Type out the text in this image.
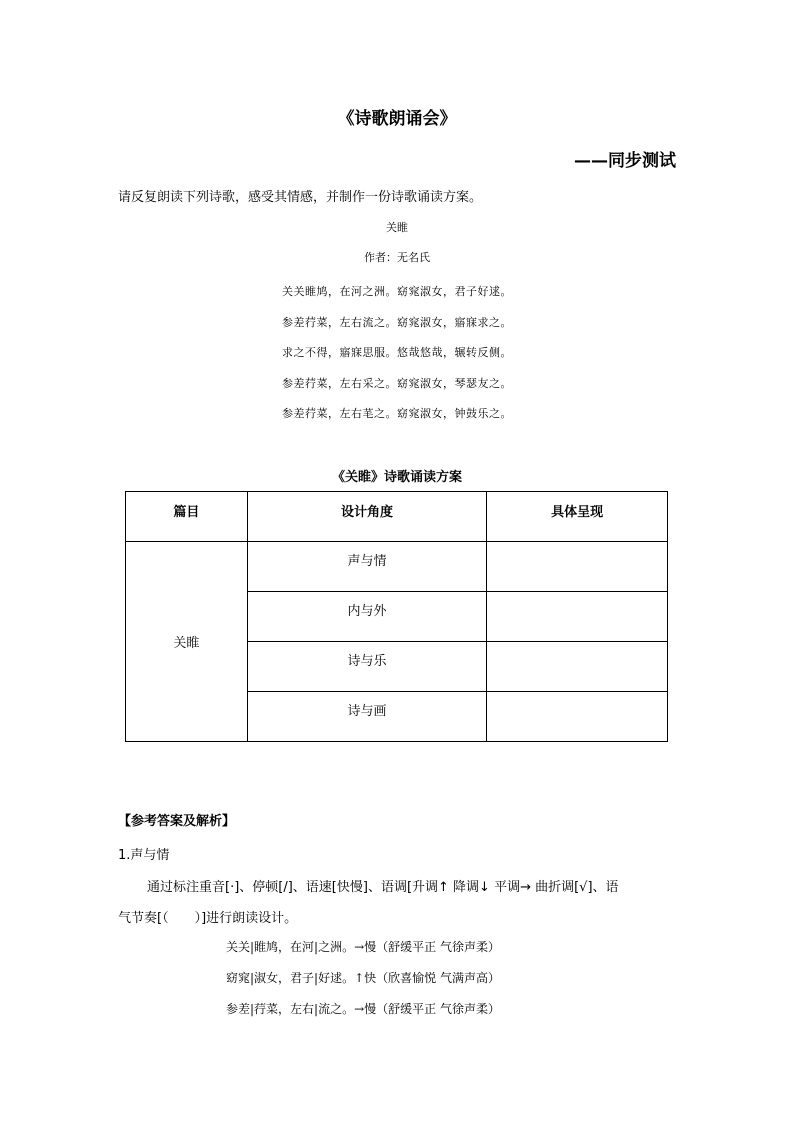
《诗歌朗诵会》
——同步测试
请反复朗读下列诗歌，感受其情感，并制作一份诗歌诵读方案。
关睢
作者：无名氏
关关睢鸠，在河之洲。窈窕淑女，君子好逑。
参差荇菜，左右流之。窈窕淑女，寤寐求之。
求之不得，寤寐思服。悠哉悠哉，辗转反侧。
参差荇菜，左右采之。窈窕淑女，琴瑟友之。
参差荇菜，左右芼之。窈窕淑女，钟鼓乐之。
《关睢》诗歌诵读方案
篇目	设计角度	具体呈现
关睢	声与情	
	内与外	
	诗与乐	
	诗与画	
【参考答案及解析】
1.声与情
通过标注重音[·]、停顿[/]、语速[快慢]、语调[升调↑ 降调↓ 平调→ 曲折调[√]、语
气节奏[（　　）]进行朗读设计。
关关|睢鸠，在河|之洲。→慢（舒缓平正 气徐声柔）
窈窕|淑女，君子|好逑。↑快（欣喜愉悦 气满声高）
参差|荇菜，左右|流之。→慢（舒缓平正 气徐声柔）
